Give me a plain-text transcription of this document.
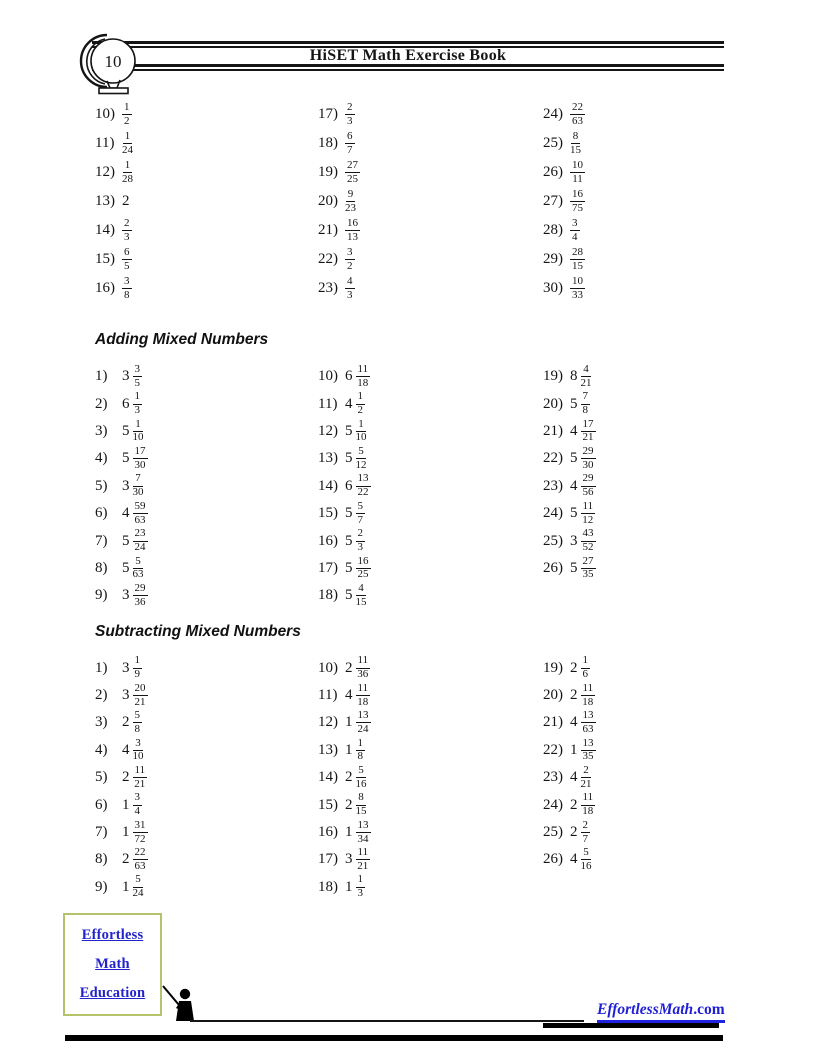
HiSET Math Exercise Book
10
$10) \frac{1}{2}$
$11) \frac{1}{24}$
$12) \frac{1}{28}$
13) 2
$14) \frac{2}{3}$
$15) \frac{6}{5}$
$16) \frac{3}{8}$
$17) \frac{2}{3}$
$18) \frac{6}{7}$
$19) \frac{27}{25}$
$20) \frac{9}{23}$
$21) \frac{16}{13}$
$22) \frac{3}{2}$
$23) \frac{4}{3}$
$24) \frac{22}{63}$
$25) \frac{8}{15}$
$26) \frac{10}{11}$
$27) \frac{16}{75}$
$28) \frac{3}{4}$
$29) \frac{28}{15}$
$30) \frac{10}{33}$
Adding Mixed Numbers
1) $3 \frac{3}{5}$
2) $6 \frac{1}{3}$
3) $5 \frac{1}{10}$
4) $5 \frac{17}{30}$
5) $3 \frac{7}{30}$
6) $4 \frac{59}{63}$
7) $5 \frac{23}{24}$
8) $5 \frac{5}{63}$
9) $3 \frac{29}{36}$
10) $6 \frac{11}{18}$
11) $4 \frac{1}{2}$
12) $5 \frac{1}{10}$
13) $5 \frac{5}{12}$
14) $6 \frac{13}{22}$
15) $5 \frac{5}{7}$
16) $5 \frac{2}{3}$
17) $5 \frac{16}{25}$
18) $5 \frac{4}{15}$
19) $8 \frac{4}{21}$
20) $5 \frac{7}{8}$
21) $4 \frac{17}{21}$
22) $5 \frac{29}{30}$
23) $4 \frac{29}{56}$
24) $5 \frac{11}{12}$
25) $3 \frac{43}{52}$
26) $5 \frac{27}{35}$
Subtracting Mixed Numbers
1) $3 \frac{1}{9}$
2) $3 \frac{20}{21}$
3) $2 \frac{5}{8}$
4) $4 \frac{3}{10}$
5) $2 \frac{11}{21}$
6) $1 \frac{3}{4}$
7) $1 \frac{31}{72}$
8) $2 \frac{22}{63}$
9) $1 \frac{5}{24}$
10) $2 \frac{11}{36}$
11) $4 \frac{11}{18}$
12) $1 \frac{13}{24}$
13) $1 \frac{1}{8}$
14) $2 \frac{5}{16}$
15) $2 \frac{8}{15}$
16) $1 \frac{13}{34}$
17) $3 \frac{11}{21}$
18) $1 \frac{1}{3}$
19) $2 \frac{1}{6}$
20) $2 \frac{11}{18}$
21) $4 \frac{13}{63}$
22) $1 \frac{13}{35}$
23) $4 \frac{2}{21}$
24) $2 \frac{11}{18}$
25) $2 \frac{2}{7}$
26) $4 \frac{5}{16}$
Effortless
Math
Education
EffortlessMath.com
